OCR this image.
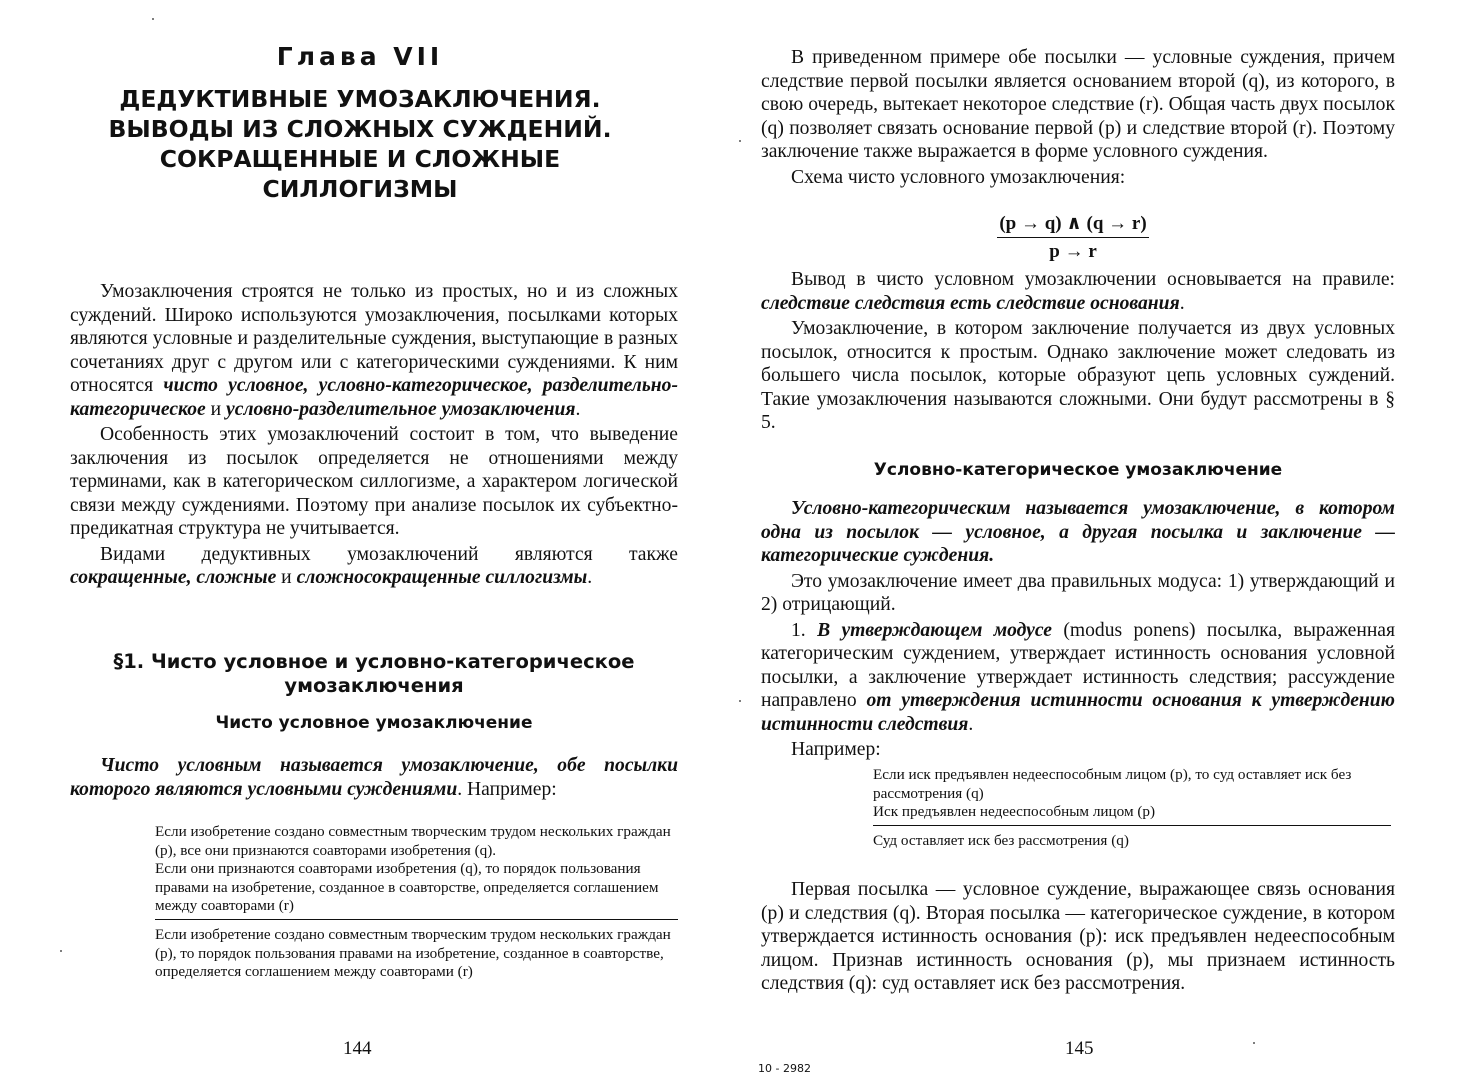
Глава VII
ДЕДУКТИВНЫЕ УМОЗАКЛЮЧЕНИЯ.
ВЫВОДЫ ИЗ СЛОЖНЫХ СУЖДЕНИЙ.
СОКРАЩЕННЫЕ И СЛОЖНЫЕ СИЛЛОГИЗМЫ

Умозаключения строятся не только из простых, но и из сложных суждений. Широко используются умозаключения, посылками которых являются условные и разделительные суждения, выступающие в разных сочетаниях друг с другом или с категорическими суждениями. К ним относятся чисто условное, условно-категорическое, разделительно-категорическое и условно-разделительное умозаключения.

Особенность этих умозаключений состоит в том, что выведение заключения из посылок определяется не отношениями между терминами, как в категорическом силлогизме, а характером логической связи между суждениями. Поэтому при анализе посылок их субъектно-предикатная структура не учитывается.

Видами дедуктивных умозаключений являются также сокращенные, сложные и сложносокращенные силлогизмы.

§1. Чисто условное и условно-категорическое
умозаключения
Чисто условное умозаключение

Чисто условным называется умозаключение, обе посылки которого являются условными суждениями. Например:

Если изобретение создано совместным творческим трудом нескольких граждан (р), все они признаются соавторами изобретения (q).

Если они признаются соавторами изобретения (q), то порядок пользования правами на изобретение, созданное в соавторстве, определяется соглашением между соавторами (r)

Если изобретение создано совместным творческим трудом нескольких граждан (р), то порядок пользования правами на изобретение, созданное в соавторстве, определяется соглашением между соавторами (r)

144

В приведенном примере обе посылки — условные суждения, причем следствие первой посылки является основанием второй (q), из которого, в свою очередь, вытекает некоторое следствие (r). Общая часть двух посылок (q) позволяет связать основание первой (р) и следствие второй (r). Поэтому заключение также выражается в форме условного суждения.

Схема чисто условного умозаключения:

$\frac{(p \to q) \wedge (q \to r)}{p \to r}$

Вывод в чисто условном умозаключении основывается на правиле: следствие следствия есть следствие основания.

Умозаключение, в котором заключение получается из двух условных посылок, относится к простым. Однако заключение может следовать из большего числа посылок, которые образуют цепь условных суждений. Такие умозаключения называются сложными. Они будут рассмотрены в § 5.

Условно-категорическое умозаключение

Условно-категорическим называется умозаключение, в котором одна из посылок — условное, а другая посылка и заключение — категорические суждения.

Это умозаключение имеет два правильных модуса: 1) утверждающий и 2) отрицающий.

1. В утверждающем модусе (modus ponens) посылка, выраженная категорическим суждением, утверждает истинность основания условной посылки, а заключение утверждает истинность следствия; рассуждение направлено от утверждения истинности основания к утверждению истинности следствия.

Например:

Если иск предъявлен недееспособным лицом (р), то суд оставляет иск без рассмотрения (q)

Иск предъявлен недееспособным лицом (р)

Суд оставляет иск без рассмотрения (q)

Первая посылка — условное суждение, выражающее связь основания (р) и следствия (q). Вторая посылка — категорическое суждение, в котором утверждается истинность основания (р): иск предъявлен недееспособным лицом. Признав истинность основания (р), мы признаем истинность следствия (q): суд оставляет иск без рассмотрения.

145
10 - 2982
